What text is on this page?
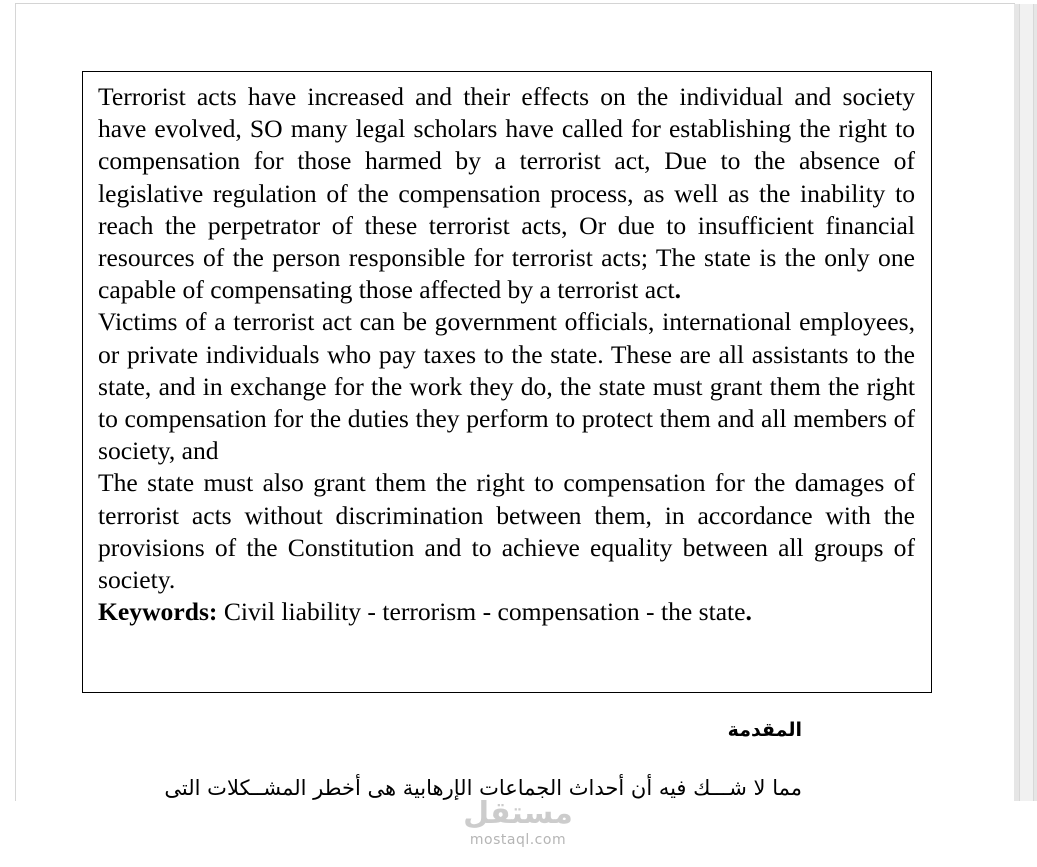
Terrorist acts have increased and their effects on the individual and society have evolved, SO many legal scholars have called for establishing the right to compensation for those harmed by a terrorist act, Due to the absence of legislative regulation of the compensation process, as well as the inability to reach the perpetrator of these terrorist acts, Or due to insufficient financial resources of the person responsible for terrorist acts; The state is the only one capable of compensating those affected by a terrorist act.

Victims of a terrorist act can be government officials, international employees, or private individuals who pay taxes to the state. These are all assistants to the state, and in exchange for the work they do, the state must grant them the right to compensation for the duties they perform to protect them and all members of society, and

The state must also grant them the right to compensation for the damages of terrorist acts without discrimination between them, in accordance with the provisions of the Constitution and to achieve equality between all groups of society.

Keywords: Civil liability - terrorism - compensation - the state.

المقدمة

مما لا شـــك فيه أن أحداث الجماعات الإرهابية هى أخطر المشــكلات التى

مستقل
mostaql.com
